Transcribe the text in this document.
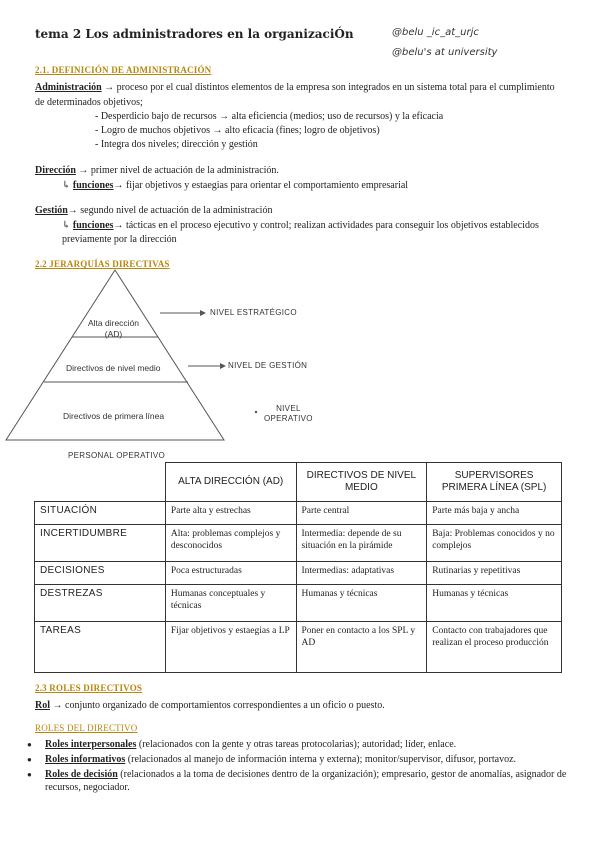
tema 2 Los administradores en la organizaciÓn	@belu _ic_at_urjc
@belu's at university
2.1. DEFINICIÓN DE ADMINISTRACIÓN
Administración → proceso por el cual distintos elementos de la empresa son integrados en un sistema total para el cumplimiento de determinados objetivos;
- Desperdicio bajo de recursos → alta eficiencia (medios; uso de recursos) y la eficacia
- Logro de muchos objetivos → alto eficacia (fines; logro de objetivos)
- Integra dos niveles; dirección y gestión
Dirección → primer nivel de actuación de la administración.
↳ funciones→ fijar objetivos y estaegias para orientar el comportamiento empresarial
Gestión→ segundo nivel de actuación de la administración
↳ funciones→ tácticas en el proceso ejecutivo y control; realizan actividades para conseguir los objetivos establecidos previamente por la dirección
2.2 JERARQUÍAS DIRECTIVAS
Alta dirección
(AD)
Directivos de nivel medio
Directivos de primera línea
PERSONAL OPERATIVO
NIVEL ESTRATÉGICO
NIVEL DE GESTIÓN
NIVEL
OPERATIVO
	ALTA DIRECCIÓN (AD)	DIRECTIVOS DE NIVEL MEDIO	SUPERVISORES PRIMERA LÍNEA (SPL)
SITUACIÓN	Parte alta y estrechas	Parte central	Parte más baja y ancha
INCERTIDUMBRE	Alta: problemas complejos y desconocidos	Intermedia: depende de su situación en la pirámide	Baja: Problemas conocidos y no complejos
DECISIONES	Poca estructuradas	Intermedias: adaptativas	Rutinarias y repetitivas
DESTREZAS	Humanas conceptuales y técnicas	Humanas y técnicas	Humanas y técnicas
TAREAS	Fijar objetivos y estaegias a LP	Poner en contacto a los SPL y AD	Contacto con trabajadores que realizan el proceso producción
2.3 ROLES DIRECTIVOS
Rol → conjunto organizado de comportamientos correspondientes a un oficio o puesto.
ROLES DEL DIRECTIVO
● Roles interpersonales (relacionados con la gente y otras tareas protocolarias); autoridad; líder, enlace.
● Roles informativos (relacionados al manejo de información interna y externa); monitor/supervisor, difusor, portavoz.
● Roles de decisión (relacionados a la toma de decisiones dentro de la organización); empresario, gestor de anomalías, asignador de recursos, negociador.
